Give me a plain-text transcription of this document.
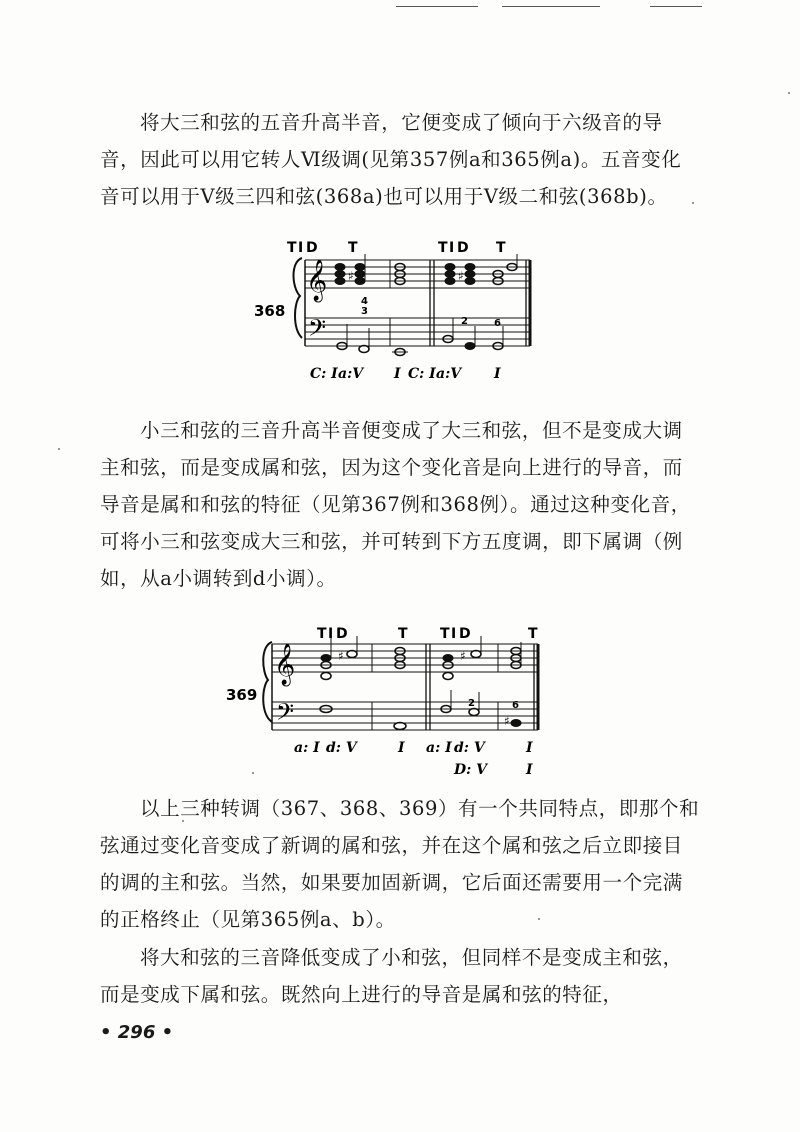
将大三和弦的五音升高半音，它便变成了倾向于六级音的导音，因此可以用它转人Ⅵ级调(见第357例a和365例a)。五音变化音可以用于Ⅴ级三四和弦(368a)也可以用于Ⅴ级二和弦(368b)。

T I D T	T I D T
368
𝄞
𝄢
♯	♯
4
3
2	6
C: I a:V I C: I a:V I

小三和弦的三音升高半音便变成了大三和弦，但不是变成大调主和弦，而是变成属和弦，因为这个变化音是向上进行的导音，而导音是属和和弦的特征（见第367例和368例）。通过这种变化音，可将小三和弦变成大三和弦，并可转到下方五度调，即下属调（例如，从a小调转到d小调）。

T I D	T T I D	T
369
𝄞
𝄢
♯	♯
♯
2	6
a: I d: V	I a: I d: V	I
D: V	I

以上三种转调（367、368、369）有一个共同特点，即那个和弦通过变化音变成了新调的属和弦，并在这个属和弦之后立即接目的调的主和弦。当然，如果要加固新调，它后面还需要用一个完满的正格终止（见第365例a、b）。

将大和弦的三音降低变成了小和弦，但同样不是变成主和弦，而是变成下属和弦。既然向上进行的导音是属和弦的特征，

• 296 •
